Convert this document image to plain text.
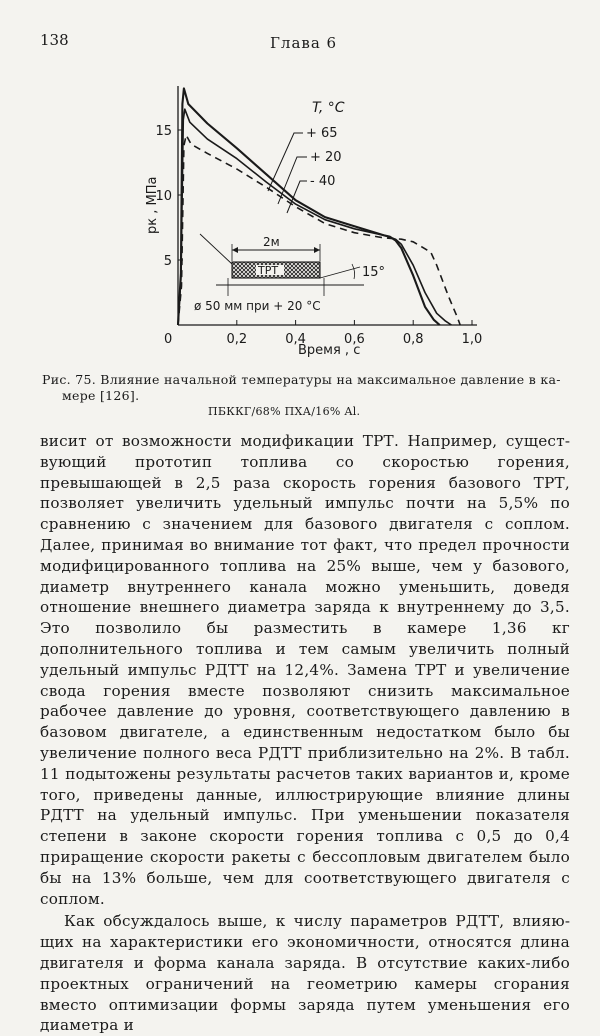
138	Глава 6
0	0,2	0,4	0,6	0,8	1,0
5
10
15
pк , МПа
Время , с
T, °C
+ 65
+ 20
- 40
2м
ТРТ	15°
ø 50 мм при + 20 °С
Рис. 75. Влияние начальной температуры на максимальное давление в ка-
мере [126].
ПБККГ/68% ПХА/16% Al.

висит от возможности модификации ТРТ. Например, существующий прототип топлива со скоростью горения, превышающей в 2,5 раза скорость горения базового ТРТ, позволяет увеличить удельный импульс почти на 5,5% по сравнению с значением для базового двигателя с соплом. Далее, принимая во внимание тот факт, что предел прочности модифицированного топлива на 25% выше, чем у базового, диаметр внутреннего канала можно уменьшить, доведя отношение внешнего диаметра заряда к внутреннему до 3,5. Это позволило бы разместить в камере 1,36 кг дополнительного топлива и тем самым увеличить полный удельный импульс РДТТ на 12,4%. Замена ТРТ и увеличение свода горения вместе позволяют снизить максимальное рабочее давление до уровня, соответствующего давлению в базовом двигателе, а единственным недостатком было бы увеличение полного веса РДТТ приблизительно на 2%. В табл. 11 подытожены результаты расчетов таких вариантов и, кроме того, приведены данные, иллюстрирующие влияние длины РДТТ на удельный импульс. При уменьшении показателя степени в законе скорости горения топлива с 0,5 до 0,4 приращение скорости ракеты с бессопловым двигателем было бы на 13% больше, чем для соответствующего двигателя с соплом.

Как обсуждалось выше, к числу параметров РДТТ, влияющих на характеристики его экономичности, относятся длина двигателя и форма канала заряда. В отсутствие каких-либо проектных ограничений на геометрию камеры сгорания вместо оптимизации формы заряда путем уменьшения его диаметра и
